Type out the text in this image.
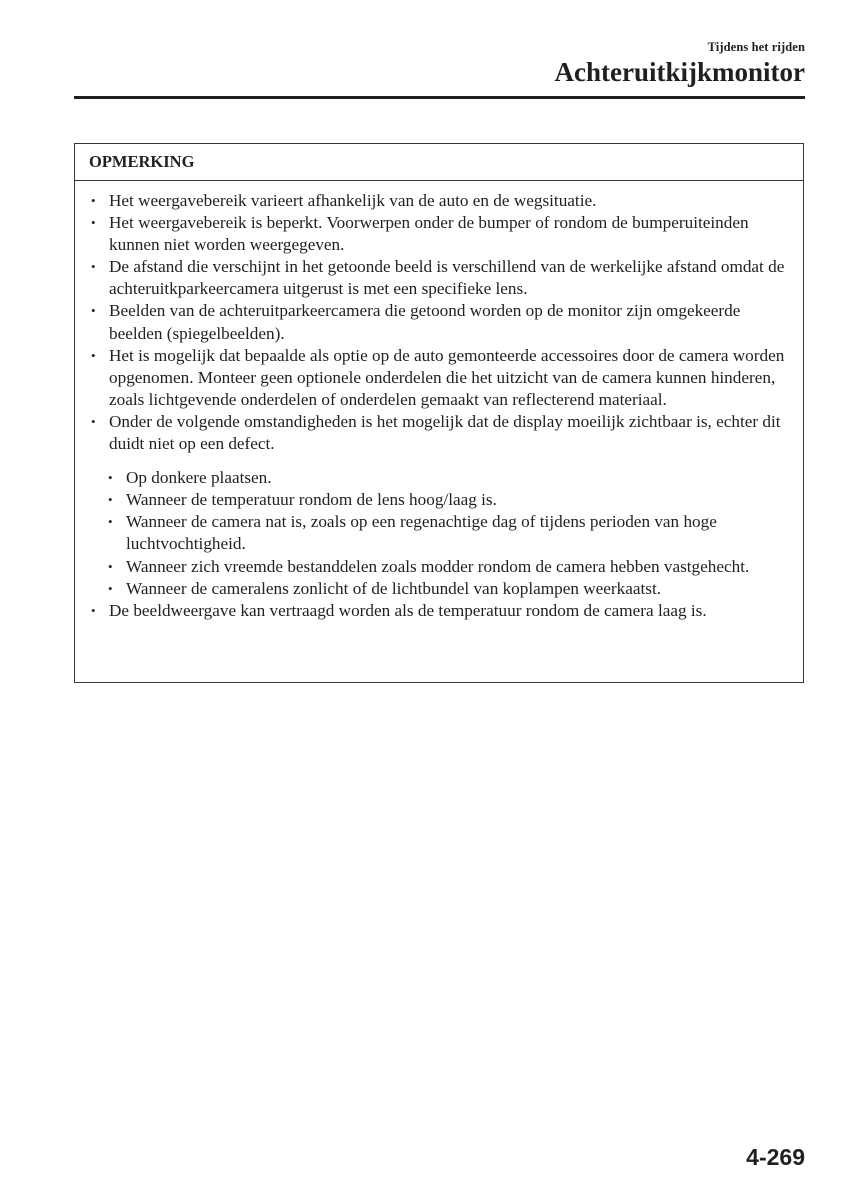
Tijdens het rijden
Achteruitkijkmonitor
OPMERKING
• Het weergavebereik varieert afhankelijk van de auto en de wegsituatie.
• Het weergavebereik is beperkt. Voorwerpen onder de bumper of rondom de bumperuiteinden kunnen niet worden weergegeven.
• De afstand die verschijnt in het getoonde beeld is verschillend van de werkelijke afstand omdat de achteruitkparkeercamera uitgerust is met een specifieke lens.
• Beelden van de achteruitparkeercamera die getoond worden op de monitor zijn omgekeerde beelden (spiegelbeelden).
• Het is mogelijk dat bepaalde als optie op de auto gemonteerde accessoires door de camera worden opgenomen. Monteer geen optionele onderdelen die het uitzicht van de camera kunnen hinderen, zoals lichtgevende onderdelen of onderdelen gemaakt van reflecterend materiaal.
• Onder de volgende omstandigheden is het mogelijk dat de display moeilijk zichtbaar is, echter dit duidt niet op een defect.
• Op donkere plaatsen.
• Wanneer de temperatuur rondom de lens hoog/laag is.
• Wanneer de camera nat is, zoals op een regenachtige dag of tijdens perioden van hoge luchtvochtigheid.
• Wanneer zich vreemde bestanddelen zoals modder rondom de camera hebben vastgehecht.
• Wanneer de cameralens zonlicht of de lichtbundel van koplampen weerkaatst.
• De beeldweergave kan vertraagd worden als de temperatuur rondom de camera laag is.
4-269
